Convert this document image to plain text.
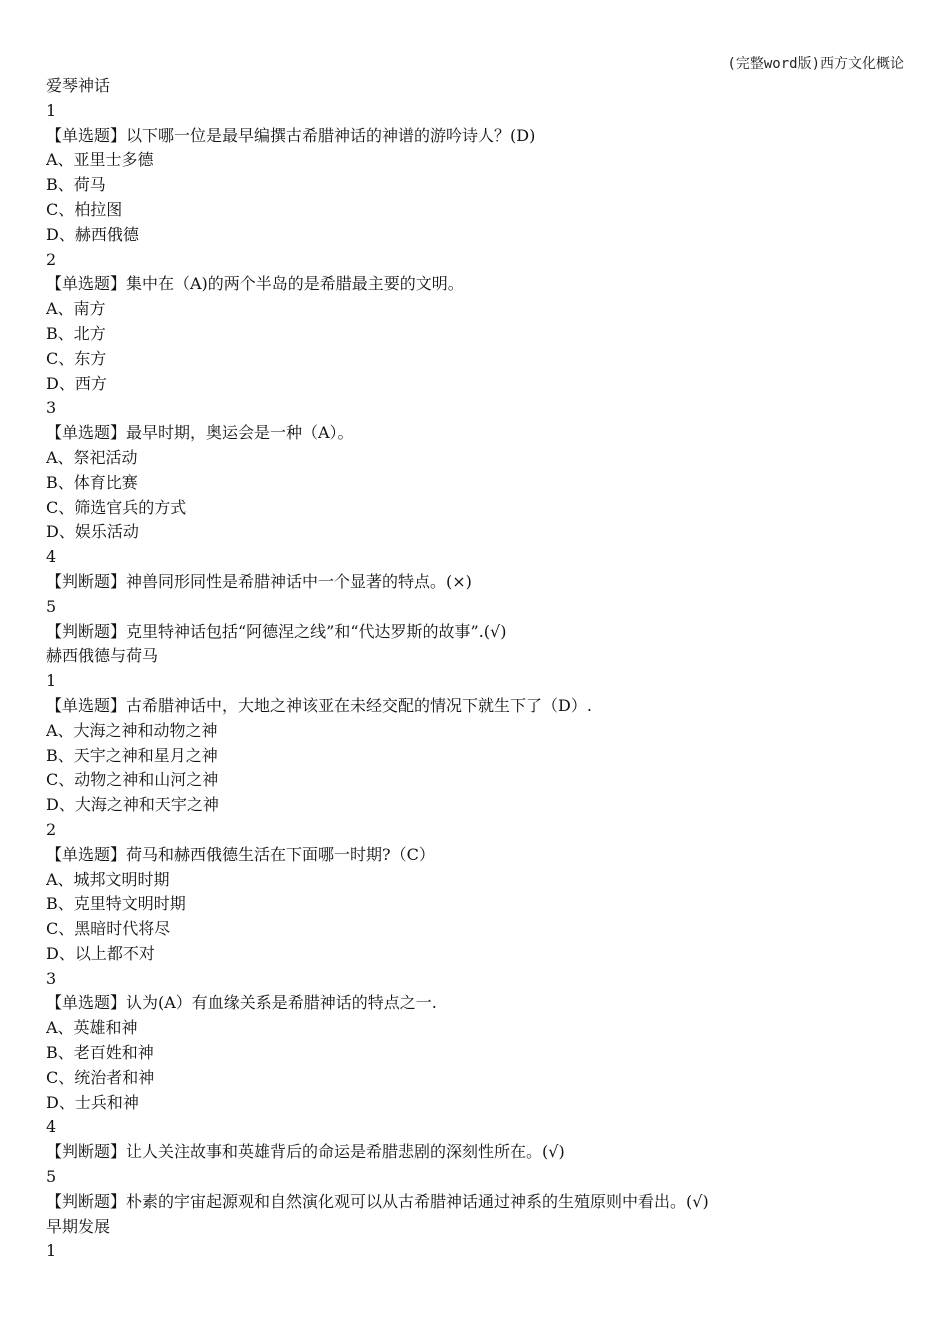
(完整word版)西方文化概论
爱琴神话
1
【单选题】以下哪一位是最早编撰古希腊神话的神谱的游吟诗人？(D)
A、亚里士多德
B、荷马
C、柏拉图
D、赫西俄德
2
【单选题】集中在（A)的两个半岛的是希腊最主要的文明。
A、南方
B、北方
C、东方
D、西方
3
【单选题】最早时期，奥运会是一种（A）。
A、祭祀活动
B、体育比赛
C、筛选官兵的方式
D、娱乐活动
4
【判断题】神兽同形同性是希腊神话中一个显著的特点。(×)
5
【判断题】克里特神话包括“阿德涅之线”和“代达罗斯的故事”.(√)
赫西俄德与荷马
1
【单选题】古希腊神话中，大地之神该亚在未经交配的情况下就生下了（D）.
A、大海之神和动物之神
B、天宇之神和星月之神
C、动物之神和山河之神
D、大海之神和天宇之神
2
【单选题】荷马和赫西俄德生活在下面哪一时期?（C）
A、城邦文明时期
B、克里特文明时期
C、黑暗时代将尽
D、以上都不对
3
【单选题】认为(A）有血缘关系是希腊神话的特点之一.
A、英雄和神
B、老百姓和神
C、统治者和神
D、士兵和神
4
【判断题】让人关注故事和英雄背后的命运是希腊悲剧的深刻性所在。(√)
5
【判断题】朴素的宇宙起源观和自然演化观可以从古希腊神话通过神系的生殖原则中看出。(√)
早期发展
1
